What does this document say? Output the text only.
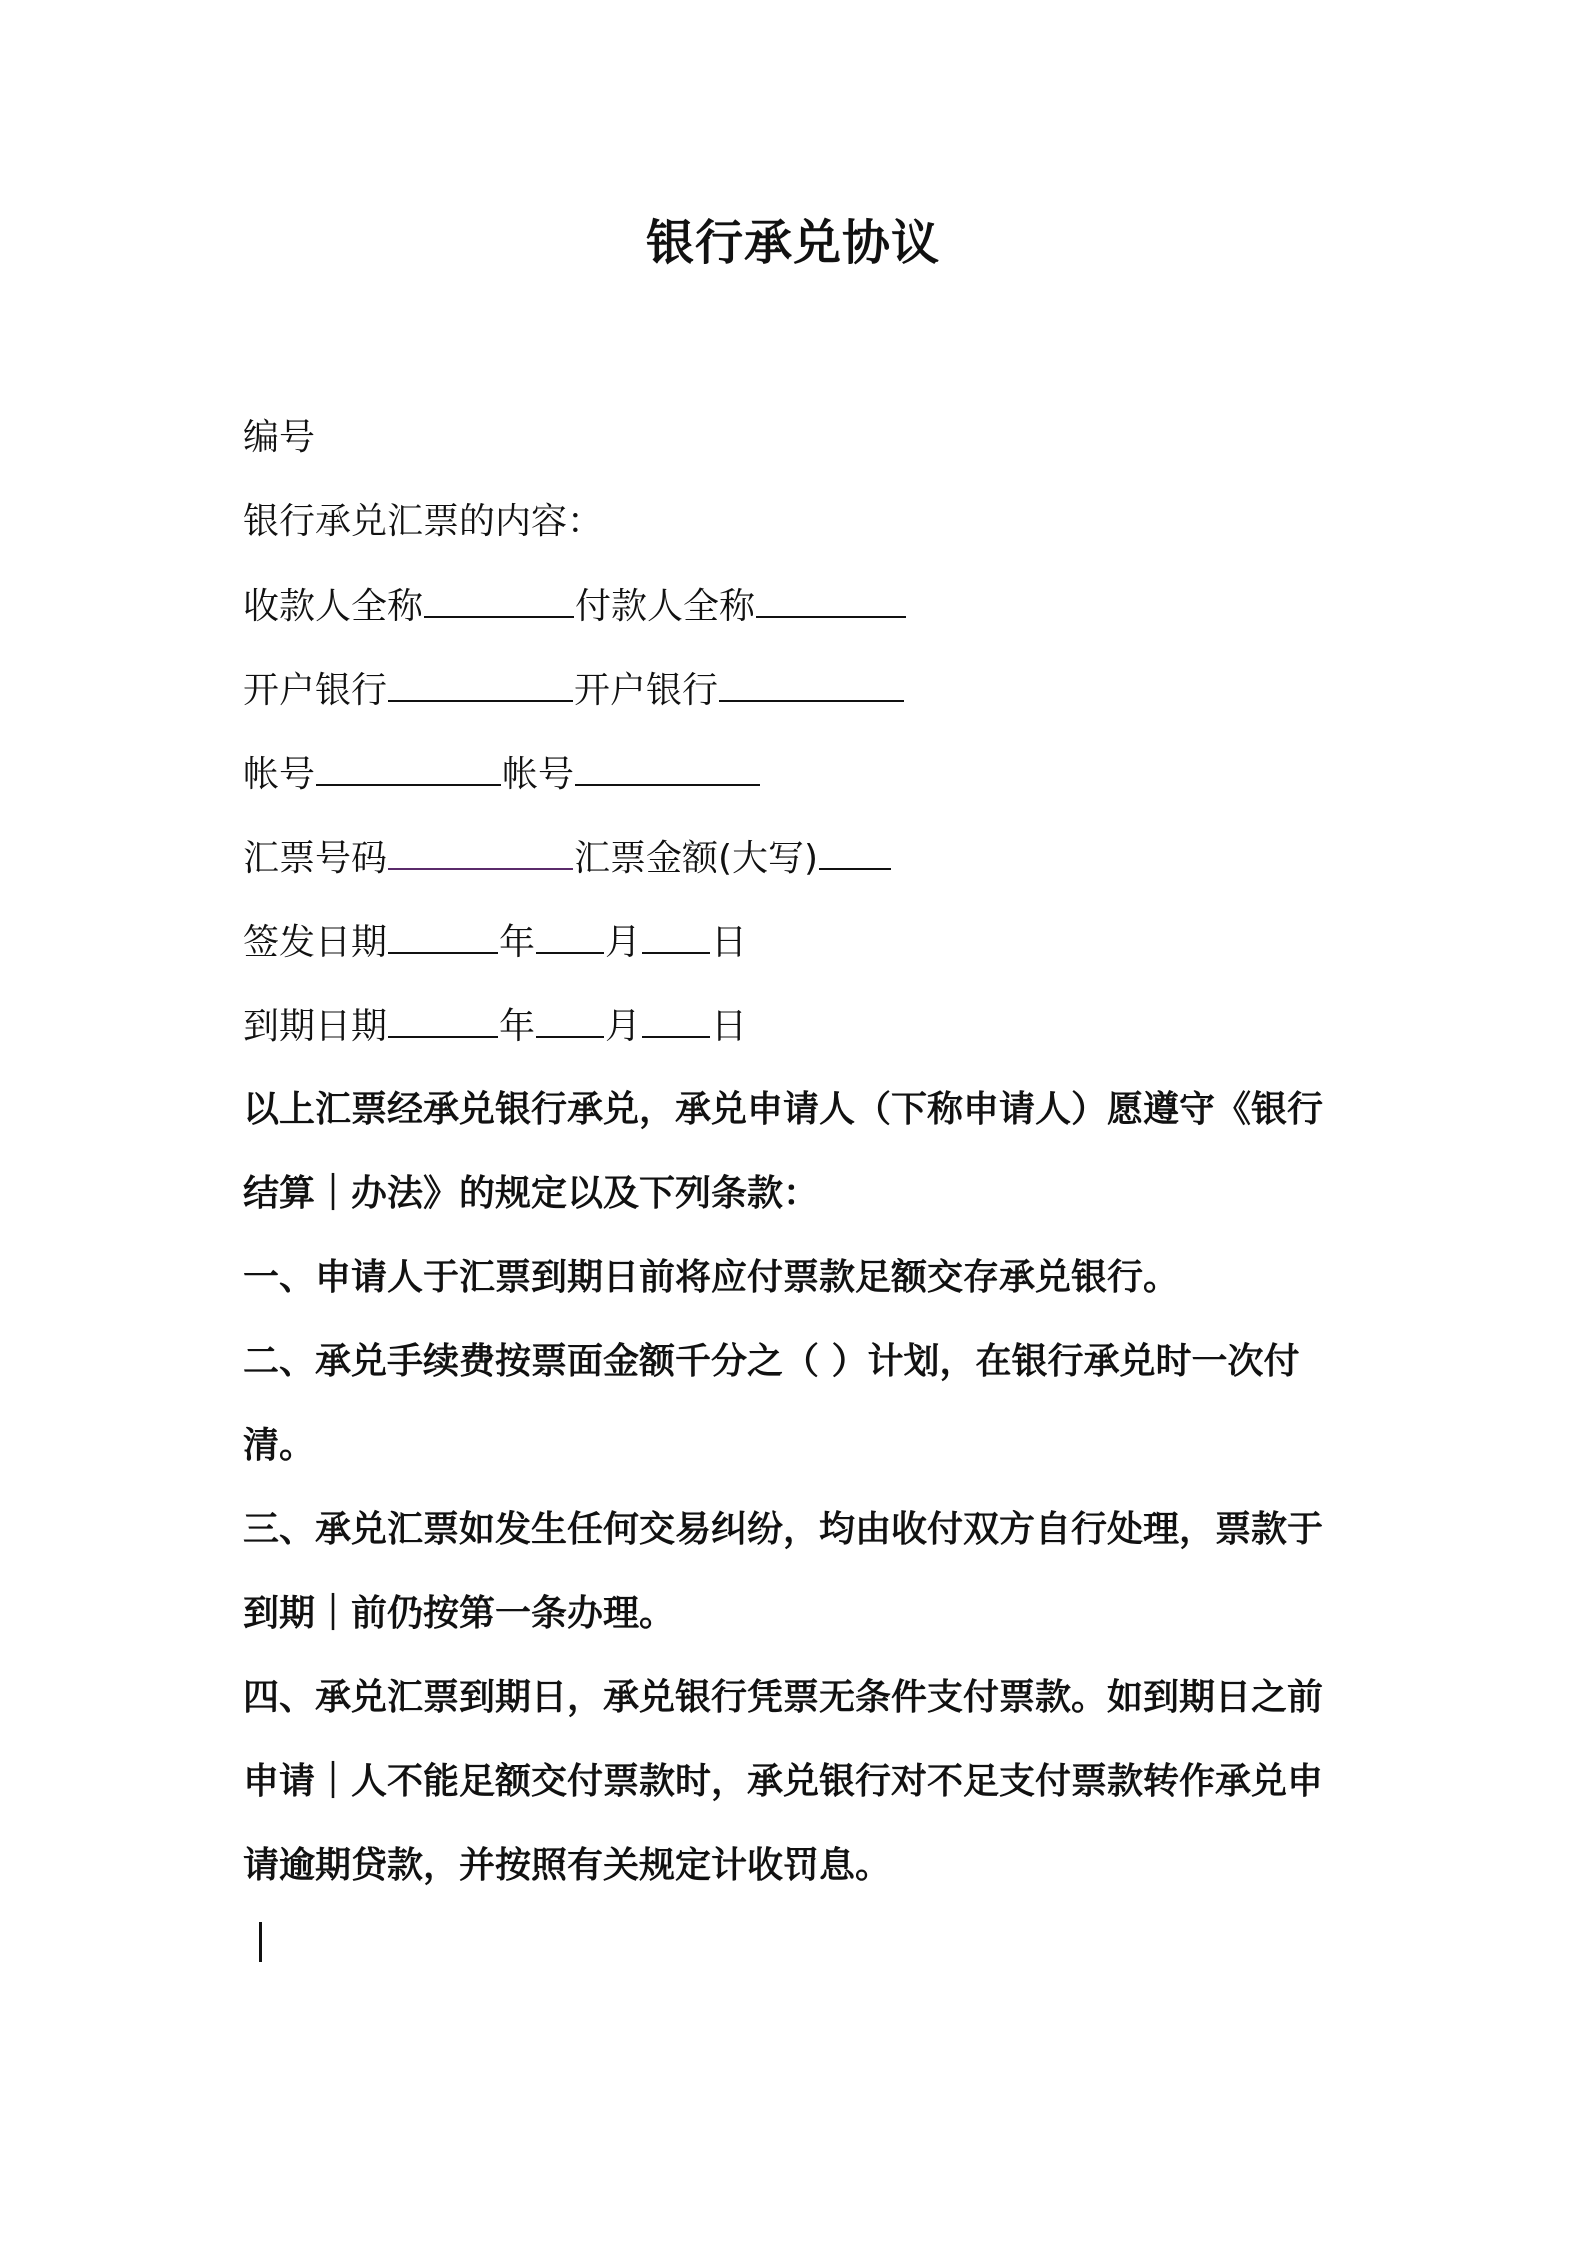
银行承兑协议
编号
银行承兑汇票的内容：
收款人全称	付款人全称
开户银行	开户银行
帐号	帐号
汇票号码	汇票金额(大写)
签发日期	年 月 日
到期日期	年 月 日
以上汇票经承兑银行承兑，承兑申请人（下称申请人）愿遵守《银行
结算｜办法》的规定以及下列条款：
一、申请人于汇票到期日前将应付票款足额交存承兑银行。
二、承兑手续费按票面金额千分之（ ）计划，在银行承兑时一次付
清。
三、承兑汇票如发生任何交易纠纷，均由收付双方自行处理，票款于
到期｜前仍按第一条办理。
四、承兑汇票到期日，承兑银行凭票无条件支付票款。如到期日之前
申请｜人不能足额交付票款时，承兑银行对不足支付票款转作承兑申
请逾期贷款，并按照有关规定计收罚息。
